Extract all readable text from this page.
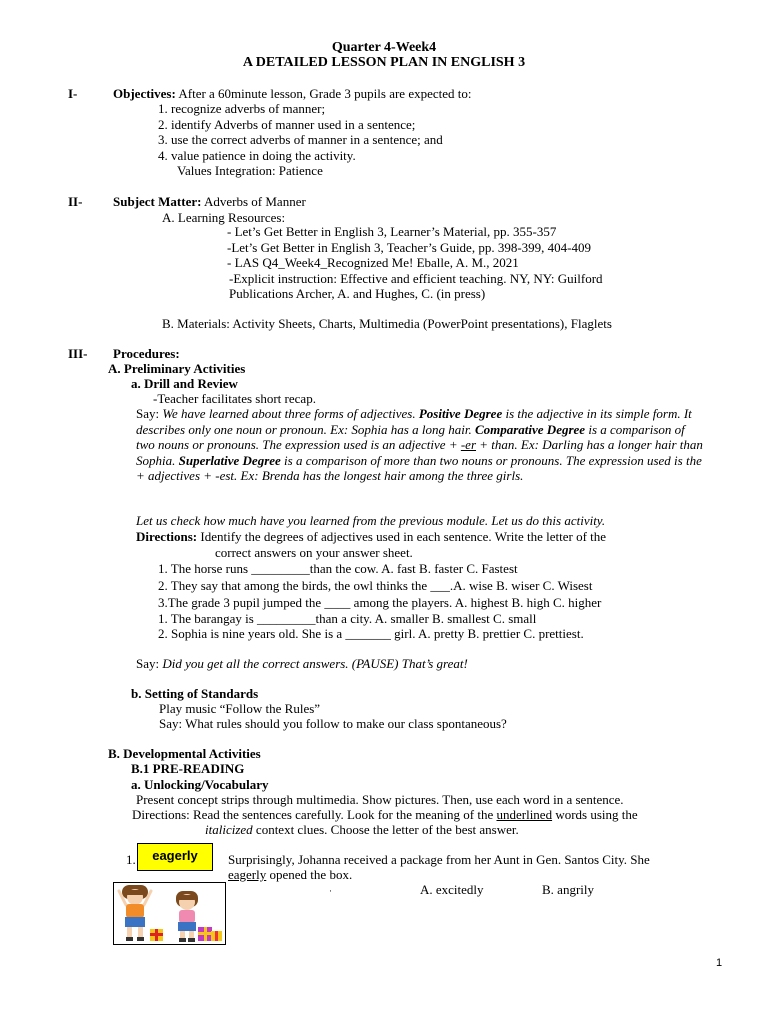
Quarter 4-Week4
A DETAILED LESSON PLAN IN ENGLISH 3
I-	Objectives: After a 60minute lesson, Grade 3 pupils are expected to:
1. recognize adverbs of manner;
2. identify Adverbs of manner used in a sentence;
3. use the correct adverbs of manner in a sentence; and
4. value patience in doing the activity.
Values Integration: Patience
II- Subject Matter: Adverbs of Manner
A. Learning Resources:
- Let’s Get Better in English 3, Learner’s Material, pp. 355-357
-Let’s Get Better in English 3, Teacher’s Guide, pp. 398-399, 404-409
- LAS Q4_Week4_Recognized Me! Eballe, A. M., 2021
-Explicit instruction: Effective and efficient teaching. NY, NY: Guilford
Publications Archer, A. and Hughes, C. (in press)
B. Materials: Activity Sheets, Charts, Multimedia (PowerPoint presentations), Flaglets
III- Procedures:
A. Preliminary Activities
a. Drill and Review
-Teacher facilitates short recap.
Say: We have learned about three forms of adjectives. Positive Degree is the adjective in its simple form. It describes only one noun or pronoun. Ex: Sophia has a long hair. Comparative Degree is a comparison of two nouns or pronouns. The expression used is an adjective + -er + than. Ex: Darling has a longer hair than Sophia. Superlative Degree is a comparison of more than two nouns or pronouns. The expression used is the + adjectives + -est. Ex: Brenda has the longest hair among the three girls.
Let us check how much have you learned from the previous module. Let us do this activity.
Directions: Identify the degrees of adjectives used in each sentence. Write the letter of the
correct answers on your answer sheet.
1. The horse runs _________than the cow. A. fast B. faster C. Fastest
2. They say that among the birds, the owl thinks the ___.A. wise B. wiser C. Wisest
3.The grade 3 pupil jumped the ____ among the players. A. highest B. high C. higher
1. The barangay is _________than a city. A. smaller B. smallest C. small
2. Sophia is nine years old. She is a _______ girl. A. pretty B. prettier C. prettiest.
Say: Did you get all the correct answers. (PAUSE) That’s great!
b. Setting of Standards
Play music “Follow the Rules”
Say: What rules should you follow to make our class spontaneous?
B. Developmental Activities
B.1 PRE-READING
a. Unlocking/Vocabulary
Present concept strips through multimedia. Show pictures. Then, use each word in a sentence.
Directions: Read the sentences carefully. Look for the meaning of the underlined words using the
italicized context clues. Choose the letter of the best answer.
1.	eagerly	Surprisingly, Johanna received a package from her Aunt in Gen. Santos City. She
eagerly opened the box.
A. excitedly	B. angrily
·
1
